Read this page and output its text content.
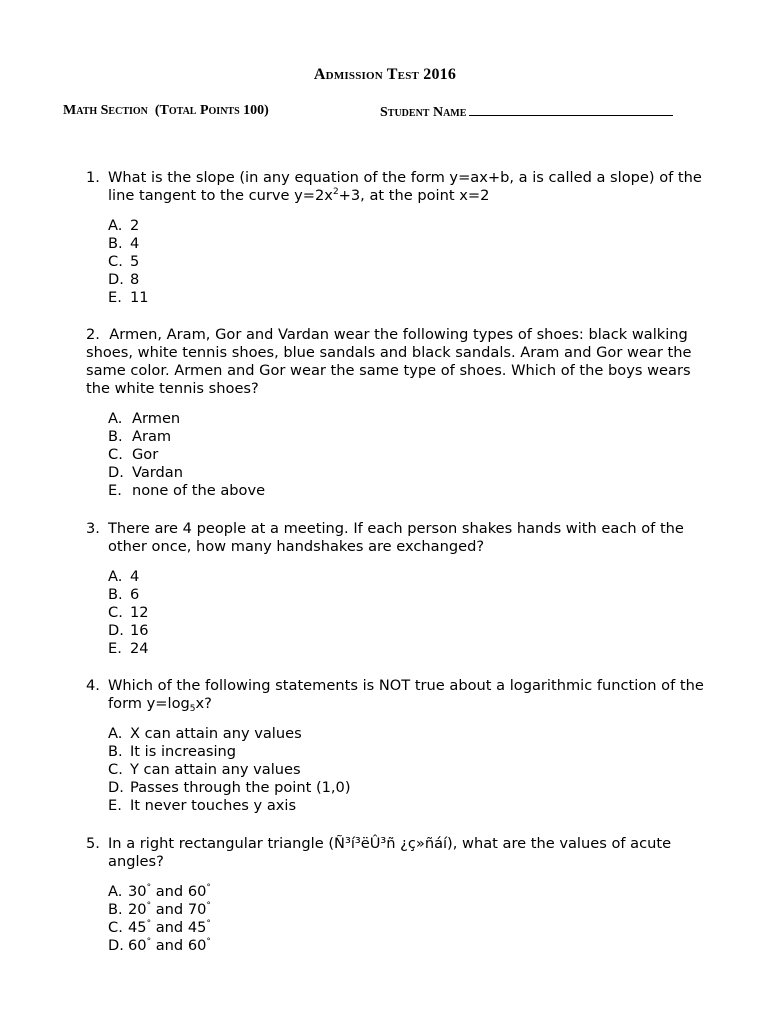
Admission Test 2016
Math Section  (Total Points 100)	Student Name
1. What is the slope (in any equation of the form y=ax+b, a is called a slope) of the line tangent to the curve $y=2x^2+3$, at the point x=2

A. 2
B. 4
C. 5
D. 8
E. 11

2. Armen, Aram, Gor and Vardan wear the following types of shoes: black walking shoes, white tennis shoes, blue sandals and black sandals. Aram and Gor wear the same color. Armen and Gor wear the same type of shoes. Which of the boys wears the white tennis shoes?

A. Armen
B. Aram
C. Gor
D. Vardan
E. none of the above
3. There are 4 people at a meeting. If each person shakes hands with each of the other once, how many handshakes are exchanged?

A. 4
B. 6
C. 12
D. 16
E. 24
4. Which of the following statements is NOT true about a logarithmic function of the form $y=\log_5x$?

A. X can attain any values
B. It is increasing
C. Y can attain any values
D. Passes through the point (1,0)
E. It never touches y axis
5. In a right rectangular triangle (Ñ³í³ëÛ³ñ ¿ç»ñáí), what are the values of acute angles?

A. 30° and 60°
B. 20° and 70°
C. 45° and 45°
D. 60° and 60°
